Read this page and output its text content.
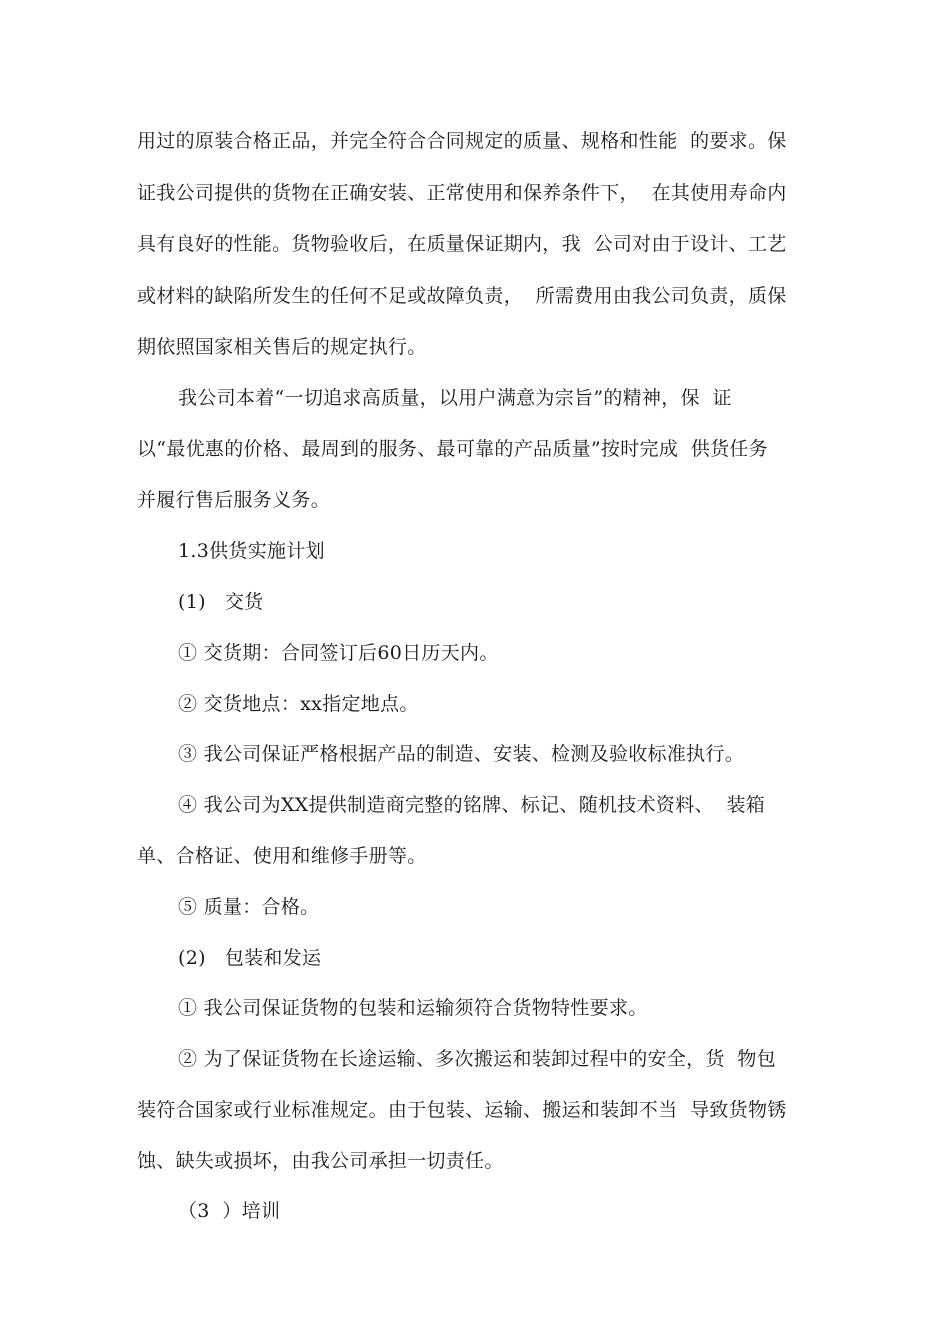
用过的原装合格正品，并完全符合合同规定的质量、规格和性能  的要求。保
证我公司提供的货物在正确安装、正常使用和保养条件下，  在其使用寿命内
具有良好的性能。货物验收后，在质量保证期内，我  公司对由于设计、工艺
或材料的缺陷所发生的任何不足或故障负责，  所需费用由我公司负责，质保
期依照国家相关售后的规定执行。
我公司本着“一切追求高质量，以用户满意为宗旨”的精神，保  证
以“最优惠的价格、最周到的服务、最可靠的产品质量”按时完成  供货任务
并履行售后服务义务。
1.3供货实施计划
(1)   交货
① 交货期：合同签订后60日历天内。
② 交货地点：xx指定地点。
③ 我公司保证严格根据产品的制造、安装、检测及验收标准执行。
④ 我公司为XX提供制造商完整的铭牌、标记、随机技术资料、  装箱
单、合格证、使用和维修手册等。
⑤ 质量：合格。
(2)   包装和发运
① 我公司保证货物的包装和运输须符合货物特性要求。
② 为了保证货物在长途运输、多次搬运和装卸过程中的安全，货  物包
装符合国家或行业标准规定。由于包装、运输、搬运和装卸不当  导致货物锈
蚀、缺失或损坏，由我公司承担一切责任。
（3  ）培训
